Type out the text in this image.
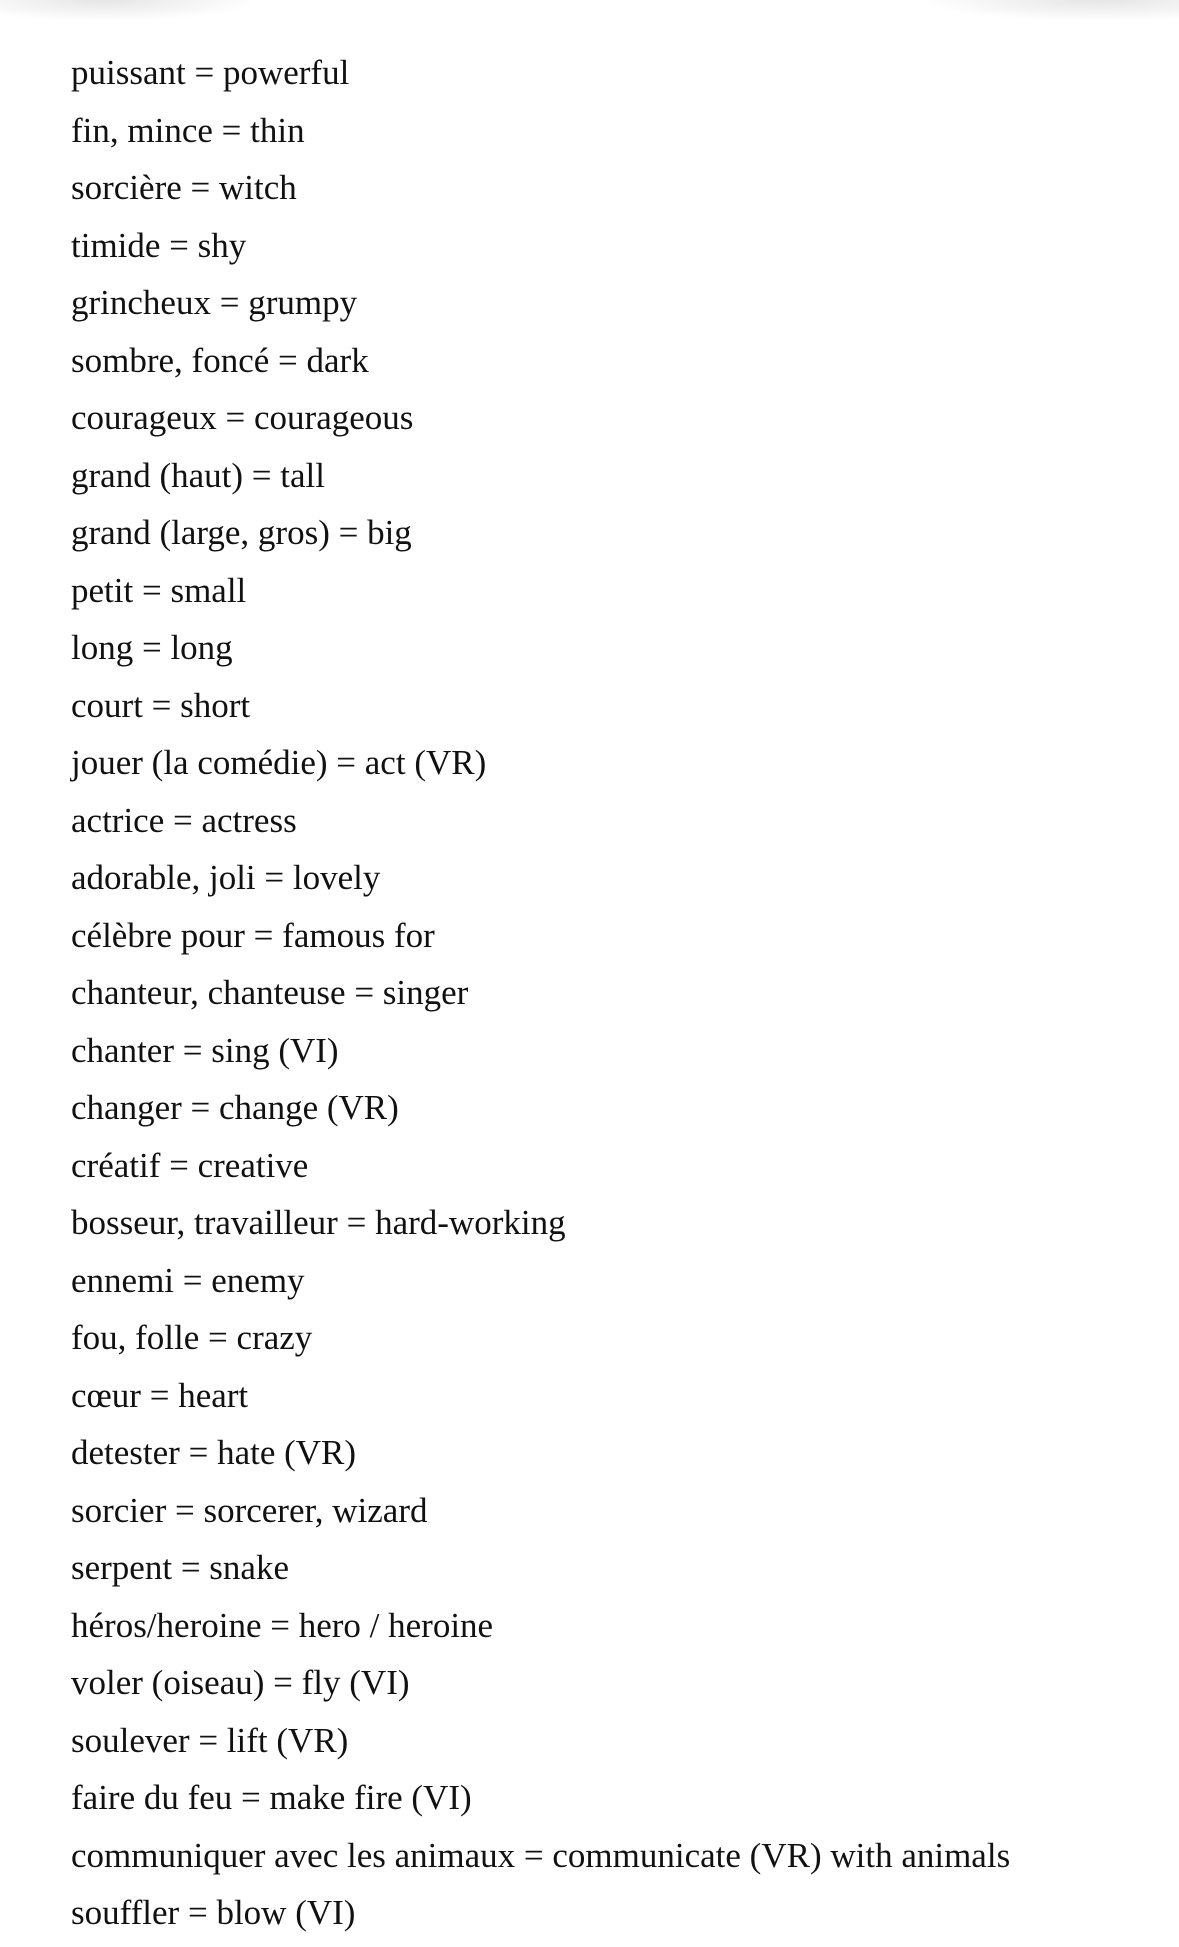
puissant = powerful
fin, mince = thin
sorcière = witch
timide = shy
grincheux = grumpy
sombre, foncé = dark
courageux = courageous
grand (haut) = tall
grand (large, gros) = big
petit = small
long = long
court = short
jouer (la comédie) = act (VR)
actrice = actress
adorable, joli = lovely
célèbre pour = famous for
chanteur, chanteuse = singer
chanter = sing (VI)
changer = change (VR)
créatif = creative
bosseur, travailleur = hard-working
ennemi = enemy
fou, folle = crazy
cœur = heart
detester = hate (VR)
sorcier = sorcerer, wizard
serpent = snake
héros/heroine = hero / heroine
voler (oiseau) = fly (VI)
soulever = lift (VR)
faire du feu = make fire (VI)
communiquer avec les animaux = communicate (VR) with animals
souffler = blow (VI)
